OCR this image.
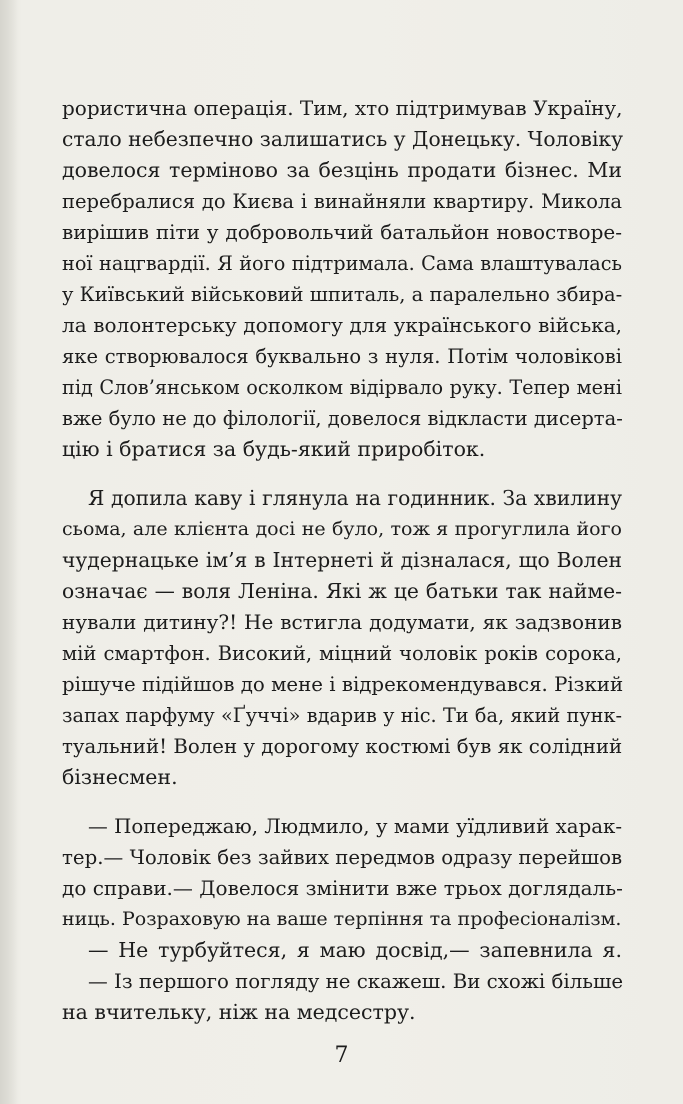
рористична операція. Тим, хто підтримував Україну,
стало небезпечно залишатись у Донецьку. Чоловіку
довелося терміново за безцінь продати бізнес. Ми
перебралися до Києва і винайняли квартиру. Микола
вирішив піти у добровольчий батальйон новостворе-
ної нацгвардії. Я його підтримала. Сама влаштувалась
у Київський військовий шпиталь, а паралельно збира-
ла волонтерську допомогу для українського війська,
яке створювалося буквально з нуля. Потім чоловікові
під Слов’янськом осколком відірвало руку. Тепер мені
вже було не до філології, довелося відкласти дисерта-
цію і братися за будь-який приробіток.
Я допила каву і глянула на годинник. За хвилину
сьома, але клієнта досі не було, тож я прогуглила його
чудернацьке ім’я в Інтернеті й дізналася, що Волен
означає — воля Леніна. Які ж це батьки так наймe-
нували дитину?! Не встигла додумати, як задзвонив
мій смартфон. Високий, міцний чоловік років сорока,
рішуче підійшов до мене і відрекомендувався. Різкий
запах парфуму «Ґуччі» вдарив у ніс. Ти ба, який пунк-
туальний! Волен у дорогому костюмі був як солідний
бізнесмен.
— Попереджаю, Людмило, у мами уїдливий харак-
тер.— Чоловік без зайвих передмов одразу перейшов
до справи.— Довелося змінити вже трьох доглядаль-
ниць. Розраховую на ваше терпіння та професіоналізм.
— Не турбуйтеся, я маю досвід,— запевнила я.
— Із першого погляду не скажеш. Ви схожі більше
на вчительку, ніж на медсестру.
7
